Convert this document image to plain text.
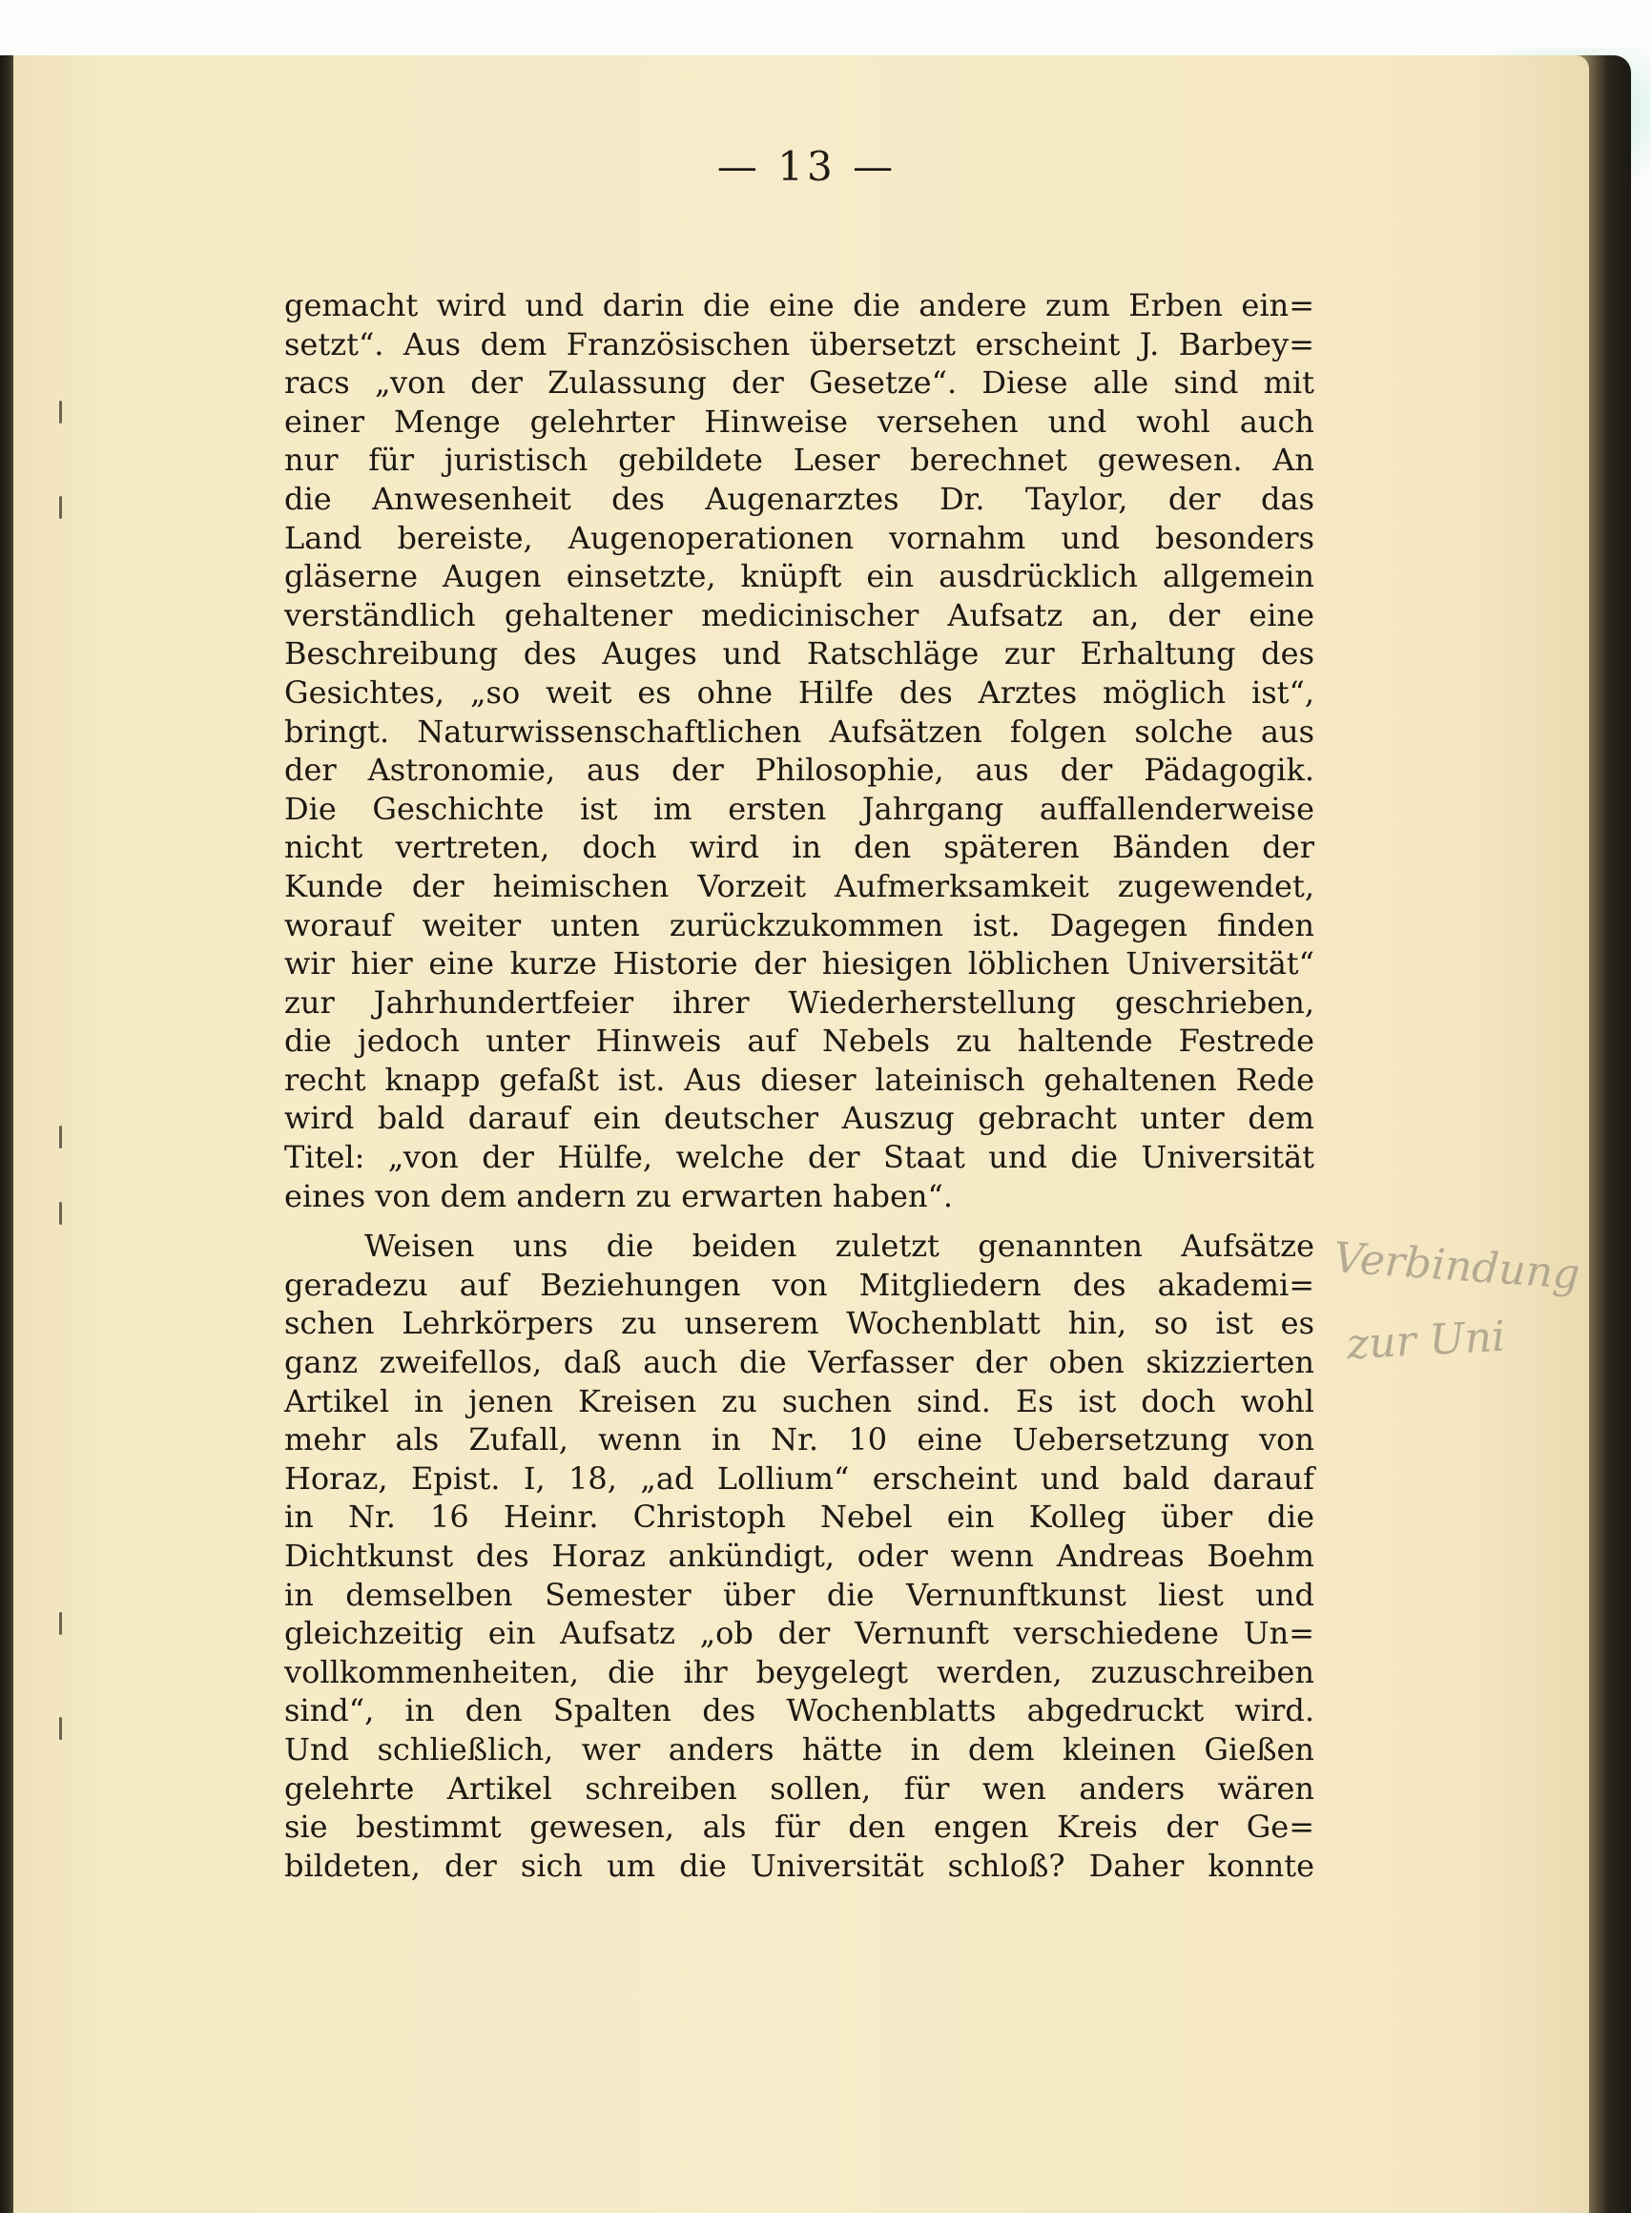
— 13 —
gemacht wird und darin die eine die andere zum Erben ein=
setzt“. Aus dem Französischen übersetzt erscheint J. Barbey=
racs „von der Zulassung der Gesetze“. Diese alle sind mit
einer Menge gelehrter Hinweise versehen und wohl auch
nur für juristisch gebildete Leser berechnet gewesen. An
die Anwesenheit des Augenarztes Dr. Taylor, der das
Land bereiste, Augenoperationen vornahm und besonders
gläserne Augen einsetzte, knüpft ein ausdrücklich allgemein
verständlich gehaltener medicinischer Aufsatz an, der eine
Beschreibung des Auges und Ratschläge zur Erhaltung des
Gesichtes, „so weit es ohne Hilfe des Arztes möglich ist“,
bringt. Naturwissenschaftlichen Aufsätzen folgen solche aus
der Astronomie, aus der Philosophie, aus der Pädagogik.
Die Geschichte ist im ersten Jahrgang auffallenderweise
nicht vertreten, doch wird in den späteren Bänden der
Kunde der heimischen Vorzeit Aufmerksamkeit zugewendet,
worauf weiter unten zurückzukommen ist. Dagegen finden
wir hier eine kurze Historie der hiesigen löblichen Universität“
zur Jahrhundertfeier ihrer Wiederherstellung geschrieben,
die jedoch unter Hinweis auf Nebels zu haltende Festrede
recht knapp gefaßt ist. Aus dieser lateinisch gehaltenen Rede
wird bald darauf ein deutscher Auszug gebracht unter dem
Titel: „von der Hülfe, welche der Staat und die Universität
eines von dem andern zu erwarten haben“.
Weisen uns die beiden zuletzt genannten Aufsätze
geradezu auf Beziehungen von Mitgliedern des akademi=
schen Lehrkörpers zu unserem Wochenblatt hin, so ist es
ganz zweifellos, daß auch die Verfasser der oben skizzierten
Artikel in jenen Kreisen zu suchen sind. Es ist doch wohl
mehr als Zufall, wenn in Nr. 10 eine Uebersetzung von
Horaz, Epist. I, 18, „ad Lollium“ erscheint und bald darauf
in Nr. 16 Heinr. Christoph Nebel ein Kolleg über die
Dichtkunst des Horaz ankündigt, oder wenn Andreas Boehm
in demselben Semester über die Vernunftkunst liest und
gleichzeitig ein Aufsatz „ob der Vernunft verschiedene Un=
vollkommenheiten, die ihr beygelegt werden, zuzuschreiben
sind“, in den Spalten des Wochenblatts abgedruckt wird.
Und schließlich, wer anders hätte in dem kleinen Gießen
gelehrte Artikel schreiben sollen, für wen anders wären
sie bestimmt gewesen, als für den engen Kreis der Ge=
bildeten, der sich um die Universität schloß? Daher konnte
Verbindung
zur Uni
